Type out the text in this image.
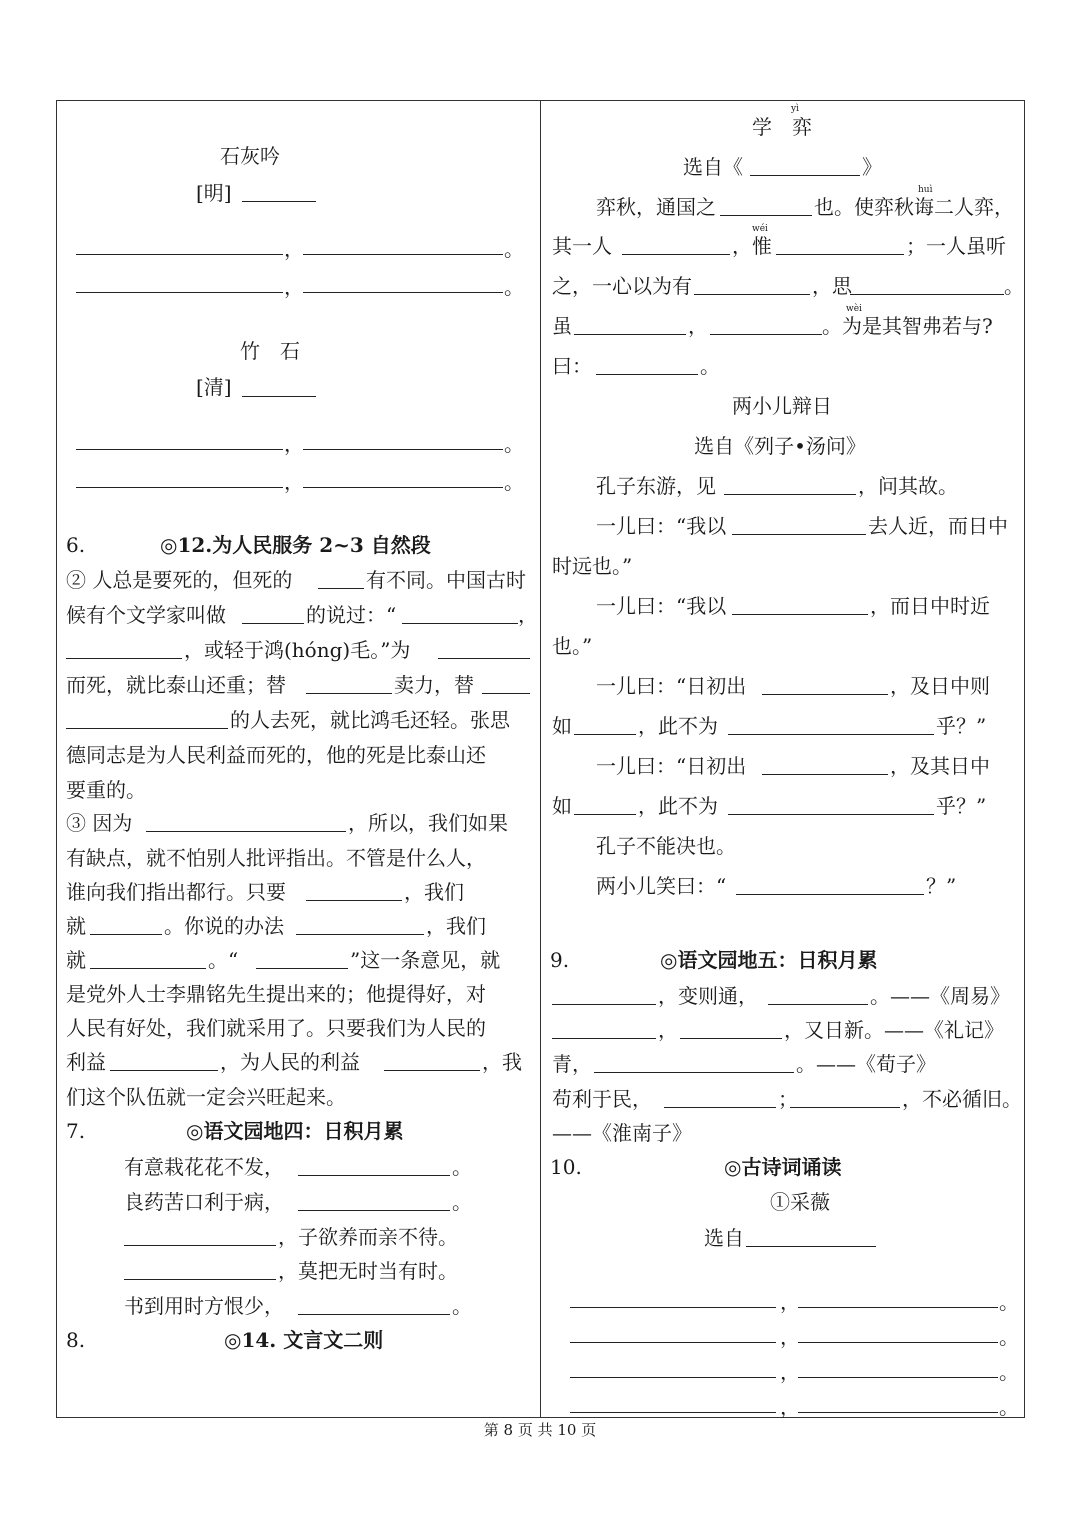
石灰吟
[明]
，	。
，	。
竹　石
[清]
，	。
，	。
6.	◎12.为人民服务 2~3 自然段
② 人总是要死的，但死的	有不同。中国古时
候有个文学家叫做	的说过：“	，
，或轻于鸿(hóng)毛。”为
而死，就比泰山还重；替	卖力，替
的人去死，就比鸿毛还轻。张思
德同志是为人民利益而死的，他的死是比泰山还
要重的。
③ 因为	，所以，我们如果
有缺点，就不怕别人批评指出。不管是什么人，
谁向我们指出都行。只要	，我们
就	。你说的办法	，我们
就	。“	”这一条意见，就
是党外人士李鼎铭先生提出来的；他提得好，对
人民有好处，我们就采用了。只要我们为人民的
利益	，为人民的利益	，我
们这个队伍就一定会兴旺起来。
7.	◎语文园地四：日积月累
有意栽花花不发，	。
良药苦口利于病，	。
，子欲养而亲不待。
，莫把无时当有时。
书到用时方恨少，	。
8.	◎14. 文言文二则
yì
学　弈
选自《	》
弈秋，通国之
huì
也。使弈秋诲二人弈，
其一人
wéi
，惟	；一人虽听
之，一心以为有	，思	。
虽	，
wèi
。为是其智弗若与?
曰：	。
两小儿辩日
选自《列子•汤问》
孔子东游，见	，问其故。
一儿曰：“我以	去人近，而日中
时远也。”
一儿曰：“我以	，而日中时近
也。”
一儿曰：“日初出	，及日中则
如	，此不为	乎？”
一儿曰：“日初出	，及其日中
如	，此不为	乎？”
孔子不能决也。
两小儿笑曰：“	？”
9.	◎语文园地五：日积月累
，变则通，	。——《周易》
，	，又日新。——《礼记》
青，	。——《荀子》
苟利于民，	；	，不必循旧。
——《淮南子》
10.	◎古诗词诵读
①采薇
选自
，	。
，	。
，	。
，	。
第 8 页 共 10 页
